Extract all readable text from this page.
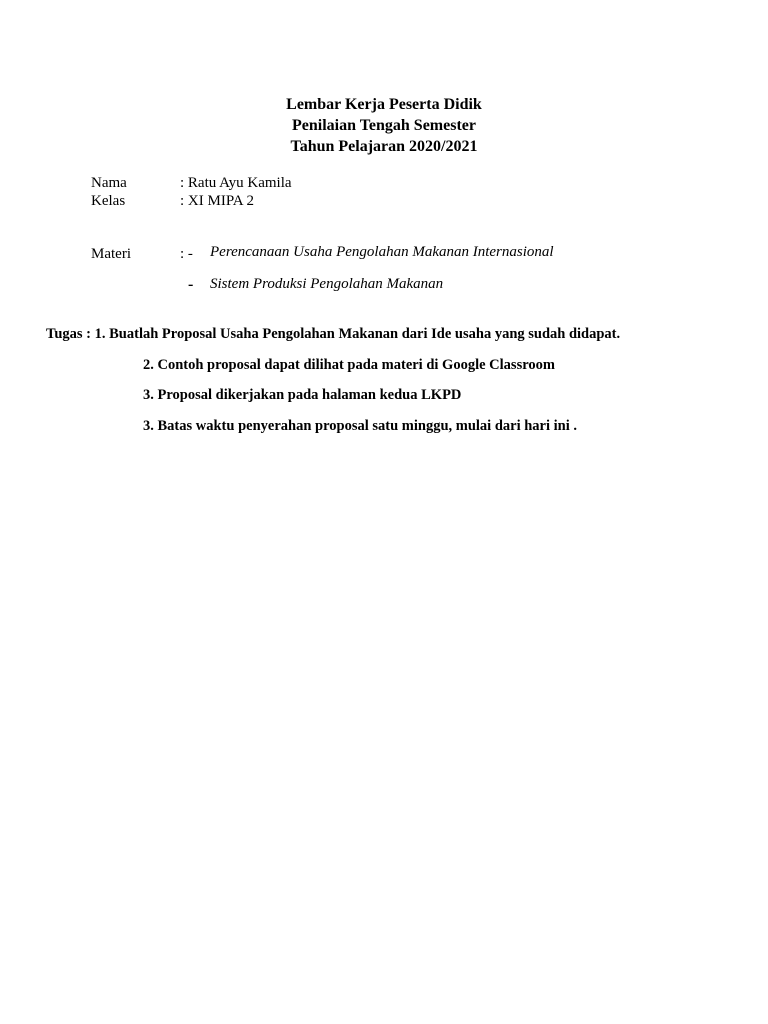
Lembar Kerja Peserta Didik
Penilaian Tengah Semester
Tahun Pelajaran 2020/2021
Nama	: Ratu Ayu Kamila
Kelas	: XI MIPA 2
Materi	: - Perencanaan Usaha Pengolahan Makanan Internasional
- Sistem Produksi Pengolahan Makanan
Tugas : 1. Buatlah Proposal Usaha Pengolahan Makanan dari Ide usaha yang sudah didapat.
2. Contoh proposal dapat dilihat pada materi di Google Classroom
3. Proposal dikerjakan pada halaman kedua LKPD
3. Batas waktu penyerahan proposal satu minggu, mulai dari hari ini .
